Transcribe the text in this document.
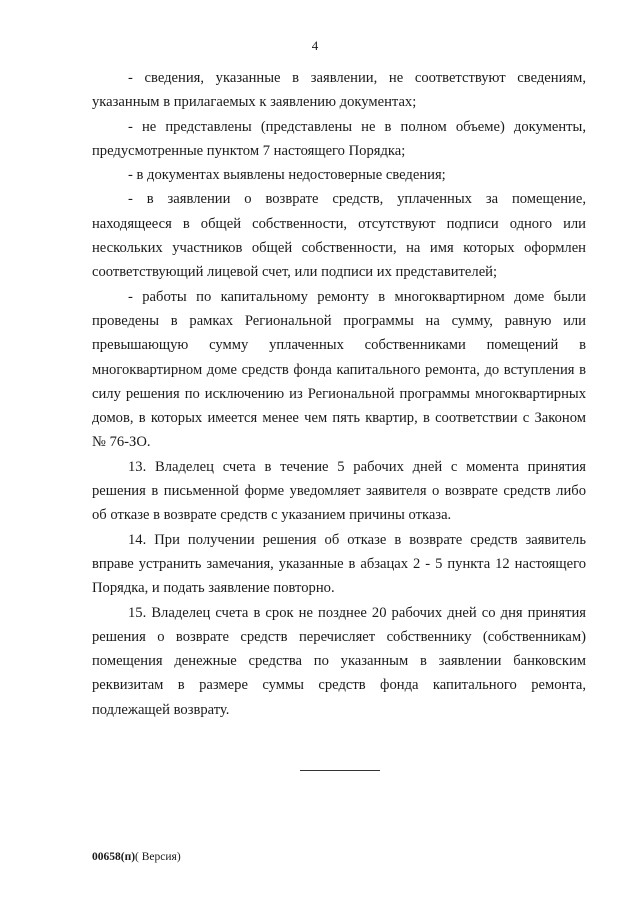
4

- сведения, указанные в заявлении, не соответствуют сведениям, указанным в прилагаемых к заявлению документах;

- не представлены (представлены не в полном объеме) документы, предусмотренные пунктом 7 настоящего Порядка;

- в документах выявлены недостоверные сведения;

- в заявлении о возврате средств, уплаченных за помещение, находящееся в общей собственности, отсутствуют подписи одного или нескольких участников общей собственности, на имя которых оформлен соответствующий лицевой счет, или подписи их представителей;

- работы по капитальному ремонту в многоквартирном доме были проведены в рамках Региональной программы на сумму, равную или превышающую сумму уплаченных собственниками помещений в многоквартирном доме средств фонда капитального ремонта, до вступления в силу решения по исключению из Региональной программы многоквартирных домов, в которых имеется менее чем пять квартир, в соответствии с Законом № 76-ЗО.

13. Владелец счета в течение 5 рабочих дней с момента принятия решения в письменной форме уведомляет заявителя о возврате средств либо об отказе в возврате средств с указанием причины отказа.

14. При получении решения об отказе в возврате средств заявитель вправе устранить замечания, указанные в абзацах 2 - 5 пункта 12 настоящего Порядка, и подать заявление повторно.

15. Владелец счета в срок не позднее 20 рабочих дней со дня принятия решения о возврате средств перечисляет собственнику (собственникам) помещения денежные средства по указанным в заявлении банковским реквизитам в размере суммы средств фонда капитального ремонта, подлежащей возврату.

00658(п)( Версия)
